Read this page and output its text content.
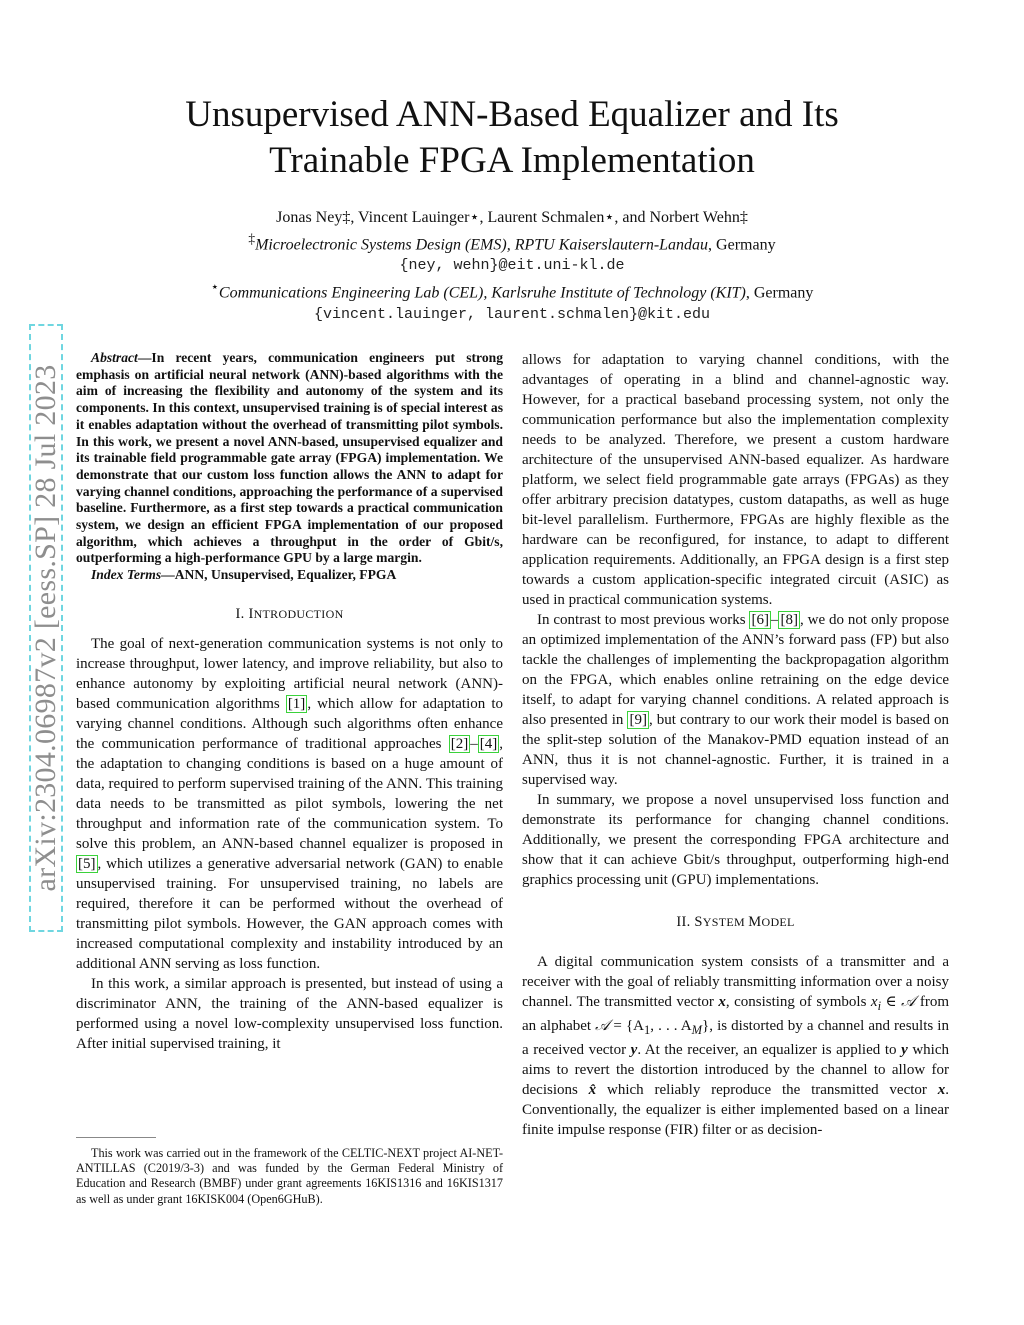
Unsupervised ANN-Based Equalizer and Its
Trainable FPGA Implementation
Jonas Ney‡, Vincent Lauinger⋆, Laurent Schmalen⋆, and Norbert Wehn‡
‡Microelectronic Systems Design (EMS), RPTU Kaiserslautern-Landau, Germany
{ney, wehn}@eit.uni-kl.de
⋆Communications Engineering Lab (CEL), Karlsruhe Institute of Technology (KIT), Germany
{vincent.lauinger, laurent.schmalen}@kit.edu
arXiv:2304.06987v2 [eess.SP] 28 Jul 2023

Abstract—In recent years, communication engineers put strong emphasis on artificial neural network (ANN)-based algorithms with the aim of increasing the flexibility and autonomy of the system and its components. In this context, unsupervised training is of special interest as it enables adaptation without the overhead of transmitting pilot symbols. In this work, we present a novel ANN-based, unsupervised equalizer and its trainable field programmable gate array (FPGA) implementation. We demonstrate that our custom loss function allows the ANN to adapt for varying channel conditions, approaching the performance of a supervised baseline. Furthermore, as a first step towards a practical communication system, we design an efficient FPGA implementation of our proposed algorithm, which achieves a throughput in the order of Gbit/s, outperforming a high-performance GPU by a large margin.

Index Terms—ANN, Unsupervised, Equalizer, FPGA

I. INTRODUCTION

The goal of next-generation communication systems is not only to increase throughput, lower latency, and improve reliability, but also to enhance autonomy by exploiting artificial neural network (ANN)-based communication algorithms [1] , which allow for adaptation to varying channel conditions. Although such algorithms often enhance the communication performance of traditional approaches [2] – [4] , the adaptation to changing conditions is based on a huge amount of data, required to perform supervised training of the ANN. This training data needs to be transmitted as pilot symbols, lowering the net throughput and information rate of the communication system. To solve this problem, an ANN-based channel equalizer is proposed in [5] , which utilizes a generative adversarial network (GAN) to enable unsupervised training. For unsupervised training, no labels are required, therefore it can be performed without the overhead of transmitting pilot symbols. However, the GAN approach comes with increased computational complexity and instability introduced by an additional ANN serving as loss function.

In this work, a similar approach is presented, but instead of using a discriminator ANN, the training of the ANN-based equalizer is performed using a novel low-complexity unsupervised loss function. After initial supervised training, it

This work was carried out in the framework of the CELTIC-NEXT project AI-NET-ANTILLAS (C2019/3-3) and was funded by the German Federal Ministry of Education and Research (BMBF) under grant agreements 16KIS1316 and 16KIS1317 as well as under grant 16KISK004 (Open6GHuB).

allows for adaptation to varying channel conditions, with the advantages of operating in a blind and channel-agnostic way. However, for a practical baseband processing system, not only the communication performance but also the implementation complexity needs to be analyzed. Therefore, we present a custom hardware architecture of the unsupervised ANN-based equalizer. As hardware platform, we select field programmable gate arrays (FPGAs) as they offer arbitrary precision datatypes, custom datapaths, as well as huge bit-level parallelism. Furthermore, FPGAs are highly flexible as the hardware can be reconfigured, for instance, to adapt to different application requirements. Additionally, an FPGA design is a first step towards a custom application-specific integrated circuit (ASIC) as used in practical communication systems.

In contrast to most previous works [6] – [8] , we do not only propose an optimized implementation of the ANN’s forward pass (FP) but also tackle the challenges of implementing the backpropagation algorithm on the FPGA, which enables online retraining on the edge device itself, to adapt for varying channel conditions. A related approach is also presented in [9] , but contrary to our work their model is based on the split-step solution of the Manakov-PMD equation instead of an ANN, thus it is not channel-agnostic. Further, it is trained in a supervised way.

In summary, we propose a novel unsupervised loss function and demonstrate its performance for changing channel conditions. Additionally, we present the corresponding FPGA architecture and show that it can achieve Gbit/s throughput, outperforming high-end graphics processing unit (GPU) implementations.

II. SYSTEM MODEL

A digital communication system consists of a transmitter and a receiver with the goal of reliably transmitting information over a noisy channel. The transmitted vector x, consisting of symbols $x_i$ ∈ 𝒜 from an alphabet 𝒜 = {$A_1$, . . . $A_M$}, is distorted by a channel and results in a received vector y. At the receiver, an equalizer is applied to y which aims to revert the distortion introduced by the channel to allow for decisions x̂ which reliably reproduce the transmitted vector x. Conventionally, the equalizer is either implemented based on a linear finite impulse response (FIR) filter or as decision-
